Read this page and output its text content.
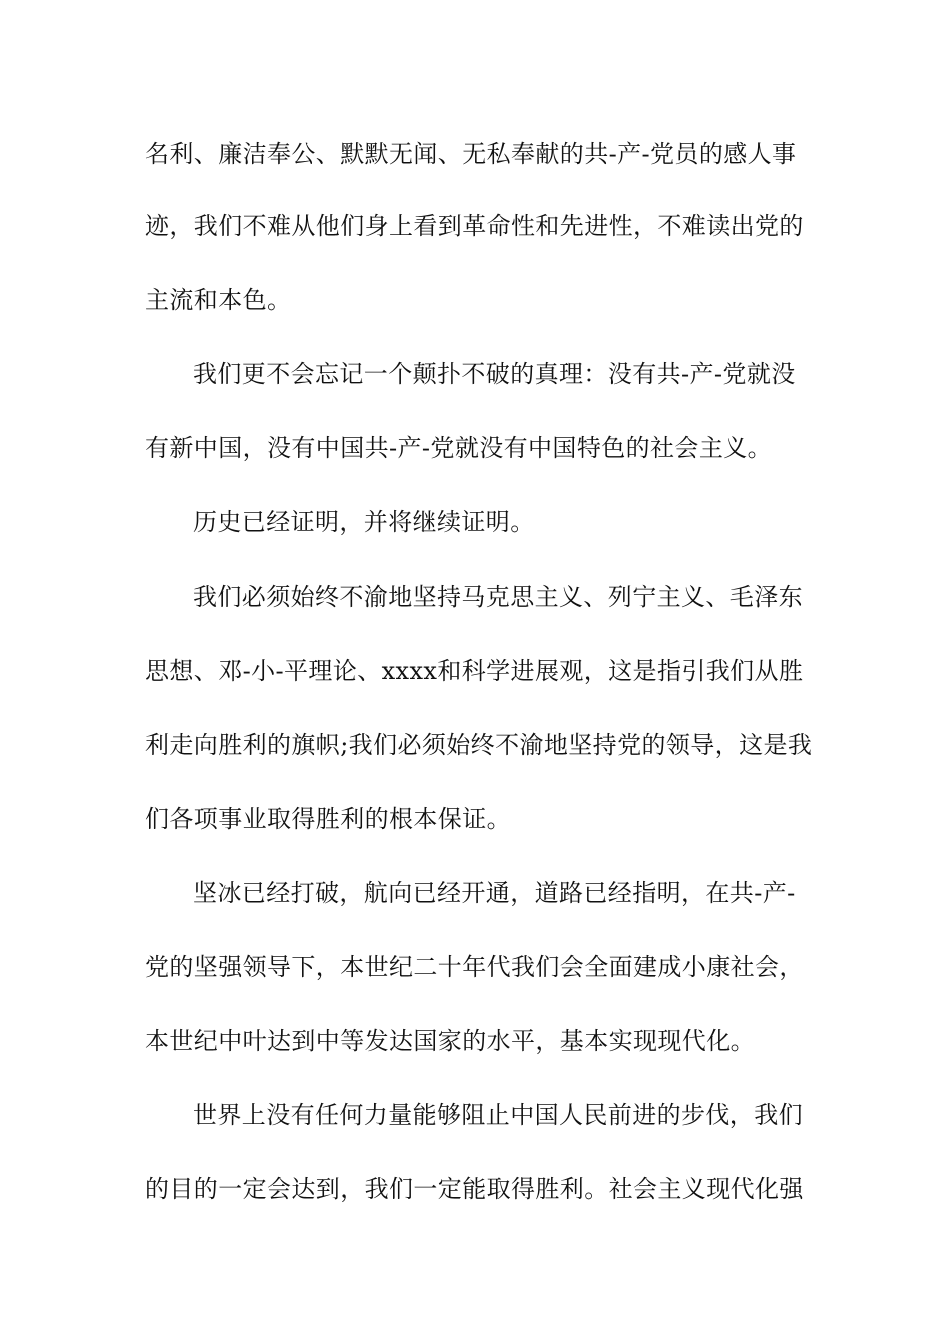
名利、廉洁奉公、默默无闻、无私奉献的共-产-党员的感人事
迹，我们不难从他们身上看到革命性和先进性，不难读出党的
主流和本色。
我们更不会忘记一个颠扑不破的真理：没有共-产-党就没
有新中国，没有中国共-产-党就没有中国特色的社会主义。
历史已经证明，并将继续证明。
我们必须始终不渝地坚持马克思主义、列宁主义、毛泽东
思想、邓-小-平理论、xxxx和科学进展观，这是指引我们从胜
利走向胜利的旗帜;我们必须始终不渝地坚持党的领导，这是我
们各项事业取得胜利的根本保证。
坚冰已经打破，航向已经开通，道路已经指明，在共-产-
党的坚强领导下，本世纪二十年代我们会全面建成小康社会，
本世纪中叶达到中等发达国家的水平，基本实现现代化。
世界上没有任何力量能够阻止中国人民前进的步伐，我们
的目的一定会达到，我们一定能取得胜利。社会主义现代化强
